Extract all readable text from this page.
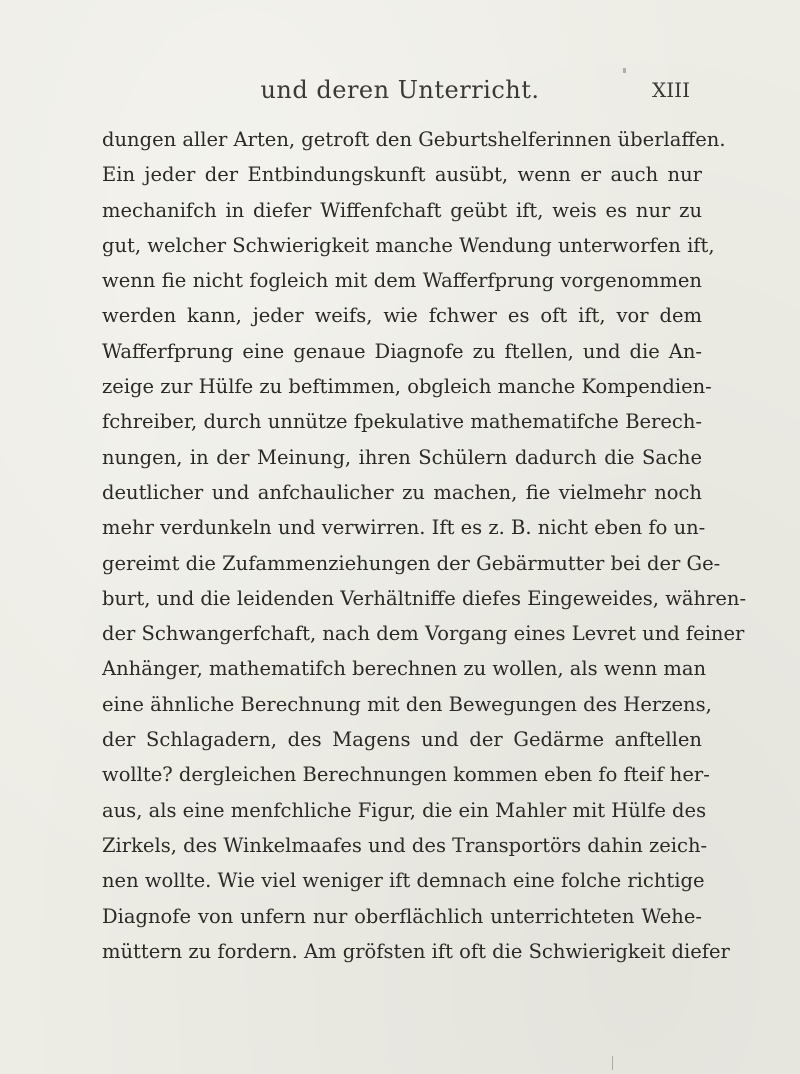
und deren Unterricht.	XIII
dungen aller Arten, getroft den Geburtshelferinnen überlaffen.
Ein jeder der Entbindungskunft ausübt, wenn er auch nur
mechanifch in diefer Wiffenfchaft geübt ift, weis es nur zu
gut, welcher Schwierigkeit manche Wendung unterworfen ift,
wenn fie nicht fogleich mit dem Wafferfprung vorgenommen
werden kann, jeder weifs, wie fchwer es oft ift, vor dem
Wafferfprung eine genaue Diagnofe zu ftellen, und die An-
zeige zur Hülfe zu beftimmen, obgleich manche Kompendien-
fchreiber, durch unnütze fpekulative mathematifche Berech-
nungen, in der Meinung, ihren Schülern dadurch die Sache
deutlicher und anfchaulicher zu machen, fie vielmehr noch
mehr verdunkeln und verwirren. Ift es z. B. nicht eben fo un-
gereimt die Zufammenziehungen der Gebärmutter bei der Ge-
burt, und die leidenden Verhältniffe diefes Eingeweides, währen-
der Schwangerfchaft, nach dem Vorgang eines Levret und feiner
Anhänger, mathematifch berechnen zu wollen, als wenn man
eine ähnliche Berechnung mit den Bewegungen des Herzens,
der Schlagadern, des Magens und der Gedärme anftellen
wollte? dergleichen Berechnungen kommen eben fo fteif her-
aus, als eine menfchliche Figur, die ein Mahler mit Hülfe des
Zirkels, des Winkelmaafes und des Transportörs dahin zeich-
nen wollte. Wie viel weniger ift demnach eine folche richtige
Diagnofe von unfern nur oberflächlich unterrichteten Wehe-
müttern zu fordern. Am gröfsten ift oft die Schwierigkeit diefer
